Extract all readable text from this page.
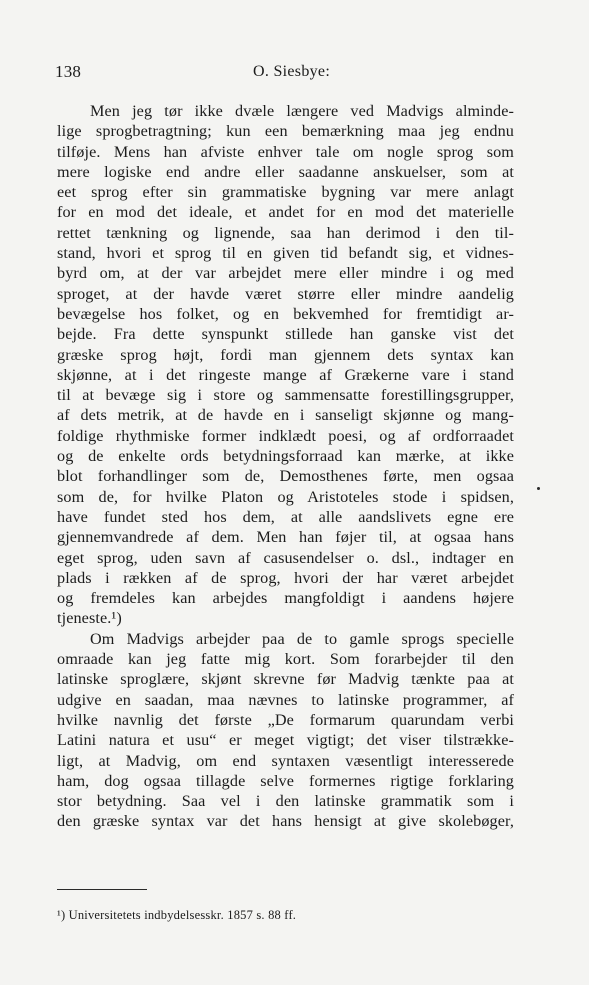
138	O. Siesbye:
Men jeg tør ikke dvæle længere ved Madvigs alminde-
lige sprogbetragtning; kun een bemærkning maa jeg endnu
tilføje. Mens han afviste enhver tale om nogle sprog som
mere logiske end andre eller saadanne anskuelser, som at
eet sprog efter sin grammatiske bygning var mere anlagt
for en mod det ideale, et andet for en mod det materielle
rettet tænkning og lignende, saa han derimod i den til-
stand, hvori et sprog til en given tid befandt sig, et vidnes-
byrd om, at der var arbejdet mere eller mindre i og med
sproget, at der havde været større eller mindre aandelig
bevægelse hos folket, og en bekvemhed for fremtidigt ar-
bejde. Fra dette synspunkt stillede han ganske vist det
græske sprog højt, fordi man gjennem dets syntax kan
skjønne, at i det ringeste mange af Grækerne vare i stand
til at bevæge sig i store og sammensatte forestillingsgrupper,
af dets metrik, at de havde en i sanseligt skjønne og mang-
foldige rhythmiske former indklædt poesi, og af ordforraadet
og de enkelte ords betydningsforraad kan mærke, at ikke
blot forhandlinger som de, Demosthenes førte, men ogsaa
som de, for hvilke Platon og Aristoteles stode i spidsen,
have fundet sted hos dem, at alle aandslivets egne ere
gjennemvandrede af dem. Men han føjer til, at ogsaa hans
eget sprog, uden savn af casusendelser o. dsl., indtager en
plads i rækken af de sprog, hvori der har været arbejdet
og fremdeles kan arbejdes mangfoldigt i aandens højere
tjeneste.¹)
Om Madvigs arbejder paa de to gamle sprogs specielle
omraade kan jeg fatte mig kort. Som forarbejder til den
latinske sproglære, skjønt skrevne før Madvig tænkte paa at
udgive en saadan, maa nævnes to latinske programmer, af
hvilke navnlig det første „De formarum quarundam verbi
Latini natura et usu“ er meget vigtigt; det viser tilstrække-
ligt, at Madvig, om end syntaxen væsentligt interesserede
ham, dog ogsaa tillagde selve formernes rigtige forklaring
stor betydning. Saa vel i den latinske grammatik som i
den græske syntax var det hans hensigt at give skolebøger,
¹) Universitetets indbydelsesskr. 1857 s. 88 ff.
